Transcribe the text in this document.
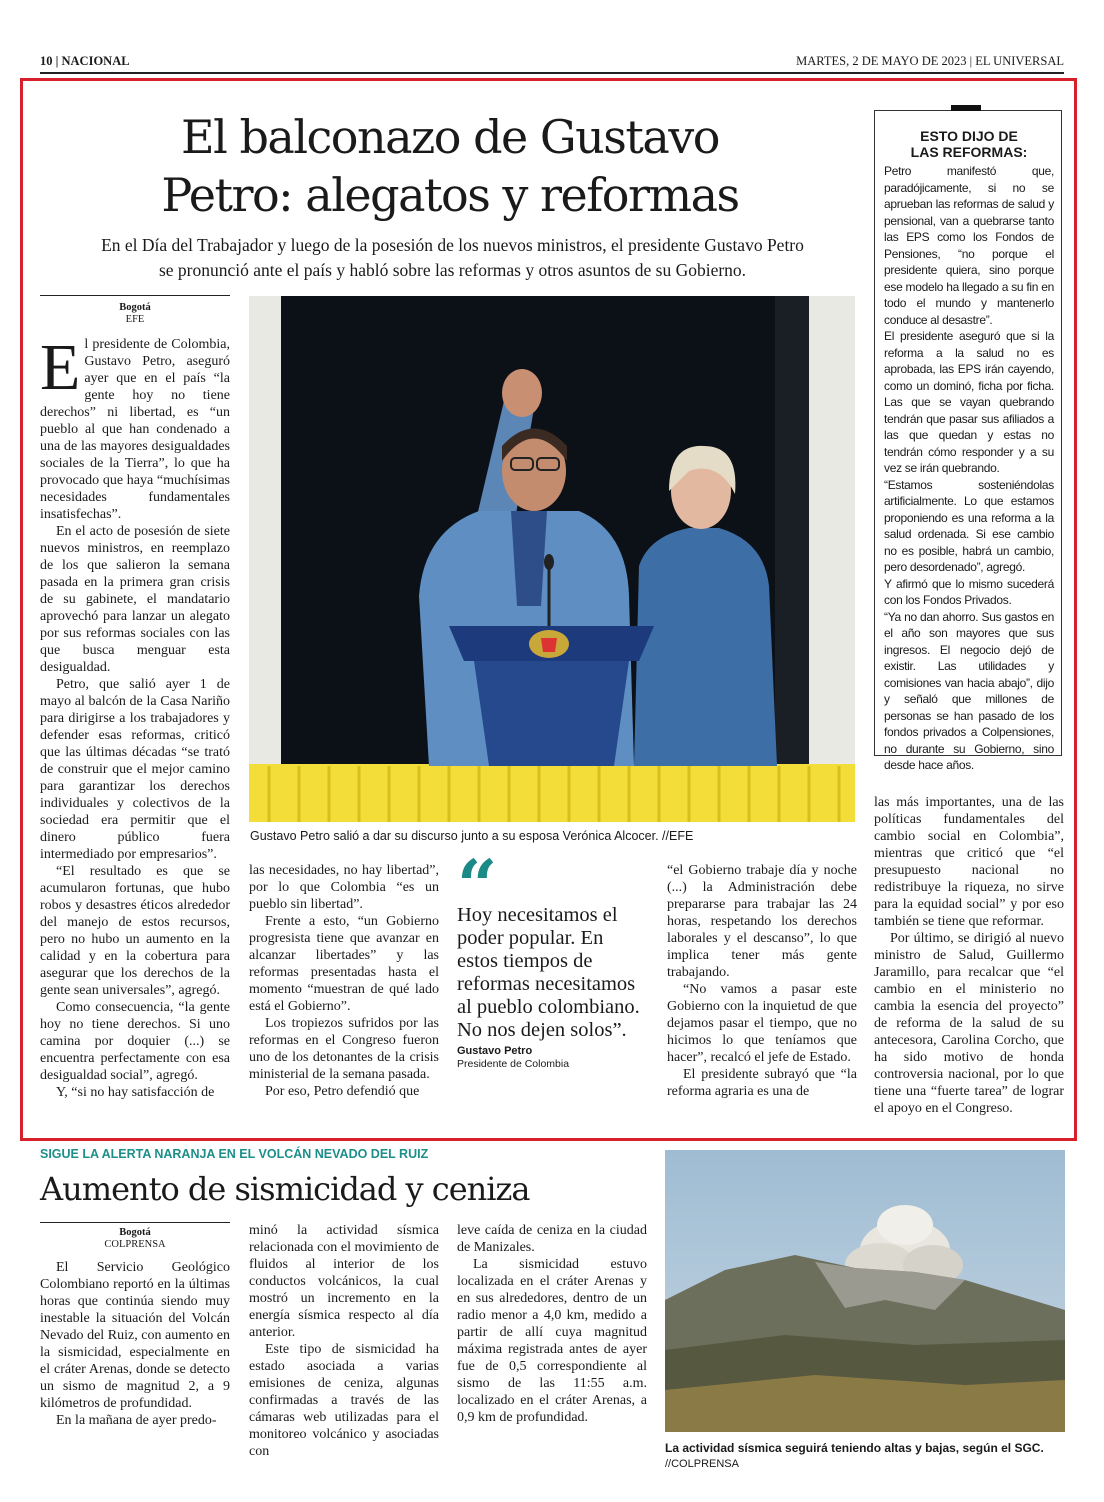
10 | NACIONAL	MARTES, 2 DE MAYO DE 2023 | EL UNIVERSAL
El balconazo de Gustavo
Petro: alegatos y reformas
En el Día del Trabajador y luego de la posesión de los nuevos ministros, el presidente Gustavo Petro
se pronunció ante el país y habló sobre las reformas y otros asuntos de su Gobierno.
ESTO DIJO DE
LAS REFORMAS:

Petro manifestó que, paradójicamente, si no se aprueban las reformas de salud y pensional, van a quebrarse tanto las EPS como los Fondos de Pensiones, “no porque el presidente quiera, sino porque ese modelo ha llegado a su fin en todo el mundo y mantenerlo conduce al desastre”.

El presidente aseguró que si la reforma a la salud no es aprobada, las EPS irán cayendo, como un dominó, ficha por ficha. Las que se vayan quebrando tendrán que pasar sus afiliados a las que quedan y estas no tendrán cómo responder y a su vez se irán quebrando.

“Estamos sosteniéndolas artificialmente. Lo que estamos proponiendo es una reforma a la salud ordenada. Si ese cambio no es posible, habrá un cambio, pero desordenado”, agregó.

Y afirmó que lo mismo sucederá con los Fondos Privados.

“Ya no dan ahorro. Sus gastos en el año son mayores que sus ingresos. El negocio dejó de existir. Las utilidades y comisiones van hacia abajo”, dijo y señaló que millones de personas se han pasado de los fondos privados a Colpensiones, no durante su Gobierno, sino desde hace años.

Bogotá
EFE

El presidente de Colombia, Gustavo Petro, aseguró ayer que en el país “la gente hoy no tiene derechos” ni libertad, es “un pueblo al que han condenado a una de las mayores desigualdades sociales de la Tierra”, lo que ha provocado que haya “muchísimas necesidades fundamentales insatisfechas”.

En el acto de posesión de siete nuevos ministros, en reemplazo de los que salieron la semana pasada en la primera gran crisis de su gabinete, el mandatario aprovechó para lanzar un alegato por sus reformas sociales con las que busca menguar esta desigualdad.

Petro, que salió ayer 1 de mayo al balcón de la Casa Nariño para dirigirse a los trabajadores y defender esas reformas, criticó que las últimas décadas “se trató de construir que el mejor camino para garantizar los derechos individuales y colectivos de la sociedad era permitir que el dinero público fuera intermediado por empresarios”.

“El resultado es que se acumularon fortunas, que hubo robos y desastres éticos alrededor del manejo de estos recursos, pero no hubo un aumento en la calidad y en la cobertura para asegurar que los derechos de la gente sean universales”, agregó.

Como consecuencia, “la gente hoy no tiene derechos. Si uno camina por doquier (...) se encuentra perfectamente con esa desigualdad social”, agregó.

Y, “si no hay satisfacción de

Gustavo Petro salió a dar su discurso junto a su esposa Verónica Alcocer. //EFE

las necesidades, no hay libertad”, por lo que Colombia “es un pueblo sin libertad”.

Frente a esto, “un Gobierno progresista tiene que avanzar en alcanzar libertades” y las reformas presentadas hasta el momento “muestran de qué lado está el Gobierno”.

Los tropiezos sufridos por las reformas en el Congreso fueron uno de los detonantes de la crisis ministerial de la semana pasada.

Por eso, Petro defendió que

“
Hoy necesitamos el poder popular. En estos tiempos de reformas necesitamos al pueblo colombiano. No nos dejen solos”.
Gustavo Petro
Presidente de Colombia

“el Gobierno trabaje día y noche (...) la Administración debe prepararse para trabajar las 24 horas, respetando los derechos laborales y el descanso”, lo que implica tener más gente trabajando.

“No vamos a pasar este Gobierno con la inquietud de que dejamos pasar el tiempo, que no hicimos lo que teníamos que hacer”, recalcó el jefe de Estado.

El presidente subrayó que “la reforma agraria es una de

las más importantes, una de las políticas fundamentales del cambio social en Colombia”, mientras que criticó que “el presupuesto nacional no redistribuye la riqueza, no sirve para la equidad social” y por eso también se tiene que reformar.

Por último, se dirigió al nuevo ministro de Salud, Guillermo Jaramillo, para recalcar que “el cambio en el ministerio no cambia la esencia del proyecto” de reforma de la salud de su antecesora, Carolina Corcho, que ha sido motivo de honda controversia nacional, por lo que tiene una “fuerte tarea” de lograr el apoyo en el Congreso.

SIGUE LA ALERTA NARANJA EN EL VOLCÁN NEVADO DEL RUIZ
Aumento de sismicidad y ceniza
Bogotá
COLPRENSA

El Servicio Geológico Colombiano reportó en la últimas horas que continúa siendo muy inestable la situación del Volcán Nevado del Ruiz, con aumento en la sismicidad, especialmente en el cráter Arenas, donde se detecto un sismo de magnitud 2, a 9 kilómetros de profundidad.

En la mañana de ayer predo-

minó la actividad sísmica relacionada con el movimiento de fluidos al interior de los conductos volcánicos, la cual mostró un incremento en la energía sísmica respecto al día anterior.

Este tipo de sismicidad ha estado asociada a varias emisiones de ceniza, algunas confirmadas a través de las cámaras web utilizadas para el monitoreo volcánico y asociadas con

leve caída de ceniza en la ciudad de Manizales.

La sismicidad estuvo localizada en el cráter Arenas y en sus alrededores, dentro de un radio menor a 4,0 km, medido a partir de allí cuya magnitud máxima registrada antes de ayer fue de 0,5 correspondiente al sismo de las 11:55 a.m. localizado en el cráter Arenas, a 0,9 km de profundidad.

La actividad sísmica seguirá teniendo altas y bajas, según el SGC.
//COLPRENSA
